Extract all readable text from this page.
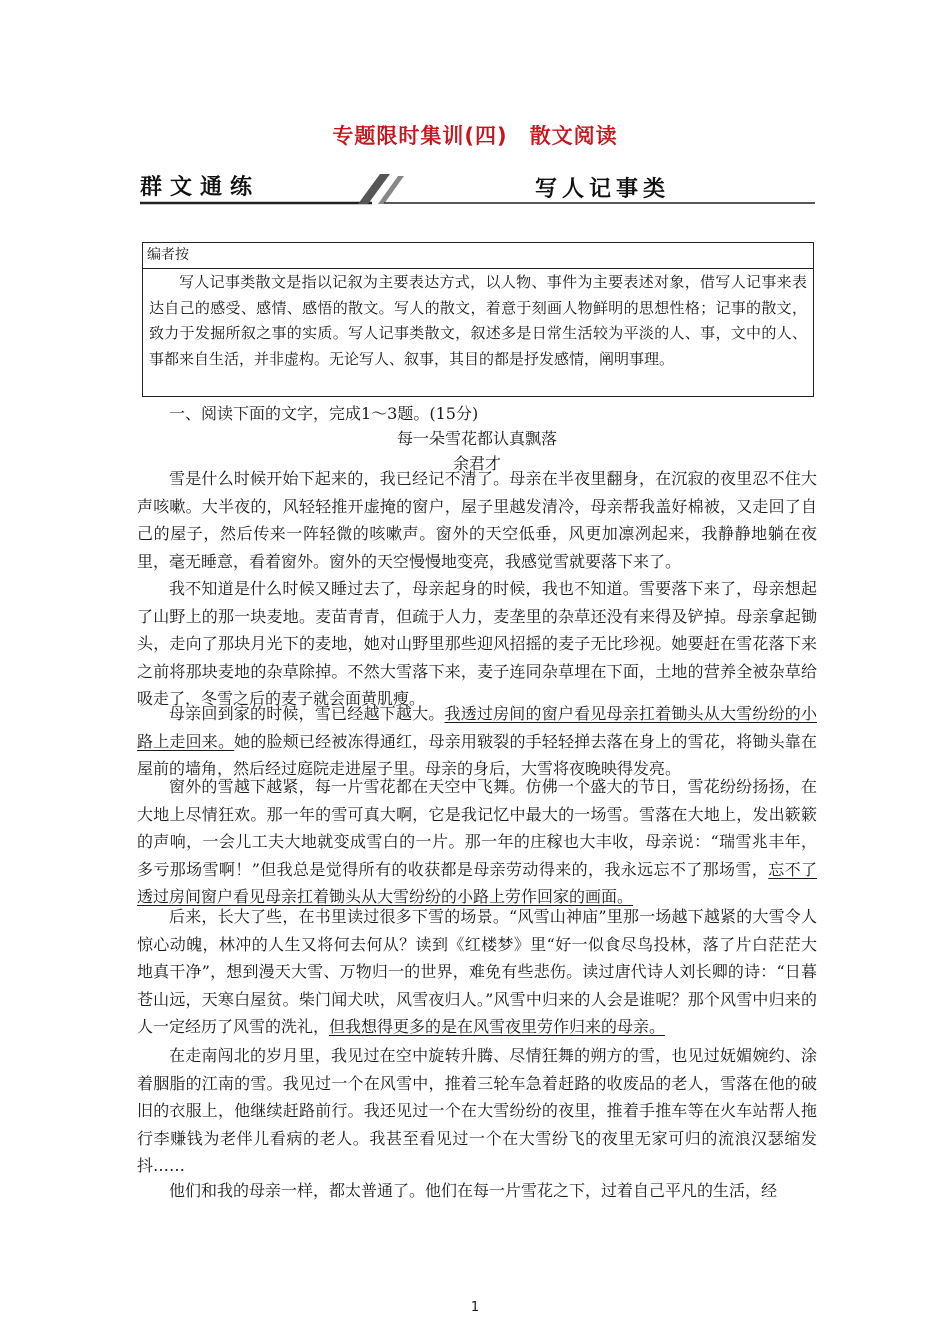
专题限时集训(四)　散文阅读
群文通练	写人记事类
编者按
写人记事类散文是指以记叙为主要表达方式，以人物、事件为主要表述对象，借写人记事来表达自己的感受、感情、感悟的散文。写人的散文，着意于刻画人物鲜明的思想性格；记事的散文，致力于发掘所叙之事的实质。写人记事类散文，叙述多是日常生活较为平淡的人、事，文中的人、事都来自生活，并非虚构。无论写人、叙事，其目的都是抒发感情，阐明事理。
一、阅读下面的文字，完成1～3题。(15分)
每一朵雪花都认真飘落
余君才
雪是什么时候开始下起来的，我已经记不清了。母亲在半夜里翻身，在沉寂的夜里忍不住大声咳嗽。大半夜的，风轻轻推开虚掩的窗户，屋子里越发清冷，母亲帮我盖好棉被，又走回了自己的屋子，然后传来一阵轻微的咳嗽声。窗外的天空低垂，风更加凛冽起来，我静静地躺在夜里，毫无睡意，看着窗外。窗外的天空慢慢地变亮，我感觉雪就要落下来了。
我不知道是什么时候又睡过去了，母亲起身的时候，我也不知道。雪要落下来了，母亲想起了山野上的那一块麦地。麦苗青青，但疏于人力，麦垄里的杂草还没有来得及铲掉。母亲拿起锄头，走向了那块月光下的麦地，她对山野里那些迎风招摇的麦子无比珍视。她要赶在雪花落下来之前将那块麦地的杂草除掉。不然大雪落下来，麦子连同杂草埋在下面，土地的营养全被杂草给吸走了，冬雪之后的麦子就会面黄肌瘦。
母亲回到家的时候，雪已经越下越大。我透过房间的窗户看见母亲扛着锄头从大雪纷纷的小路上走回来。她的脸颊已经被冻得通红，母亲用皲裂的手轻轻掸去落在身上的雪花，将锄头靠在屋前的墙角，然后经过庭院走进屋子里。母亲的身后，大雪将夜晚映得发亮。
窗外的雪越下越紧，每一片雪花都在天空中飞舞。仿佛一个盛大的节日，雪花纷纷扬扬，在大地上尽情狂欢。那一年的雪可真大啊，它是我记忆中最大的一场雪。雪落在大地上，发出簌簌的声响，一会儿工夫大地就变成雪白的一片。那一年的庄稼也大丰收，母亲说：“瑞雪兆丰年，多亏那场雪啊！”但我总是觉得所有的收获都是母亲劳动得来的，我永远忘不了那场雪，忘不了透过房间窗户看见母亲扛着锄头从大雪纷纷的小路上劳作回家的画面。
后来，长大了些，在书里读过很多下雪的场景。“风雪山神庙”里那一场越下越紧的大雪令人惊心动魄，林冲的人生又将何去何从？读到《红楼梦》里“好一似食尽鸟投林，落了片白茫茫大地真干净”，想到漫天大雪、万物归一的世界，难免有些悲伤。读过唐代诗人刘长卿的诗：“日暮苍山远，天寒白屋贫。柴门闻犬吠，风雪夜归人。”风雪中归来的人会是谁呢？那个风雪中归来的人一定经历了风雪的洗礼，但我想得更多的是在风雪夜里劳作归来的母亲。
在走南闯北的岁月里，我见过在空中旋转升腾、尽情狂舞的朔方的雪，也见过妩媚婉约、涂着胭脂的江南的雪。我见过一个在风雪中，推着三轮车急着赶路的收废品的老人，雪落在他的破旧的衣服上，他继续赶路前行。我还见过一个在大雪纷纷的夜里，推着手推车等在火车站帮人拖行李赚钱为老伴儿看病的老人。我甚至看见过一个在大雪纷飞的夜里无家可归的流浪汉瑟缩发抖……
他们和我的母亲一样，都太普通了。他们在每一片雪花之下，过着自己平凡的生活，经
1
